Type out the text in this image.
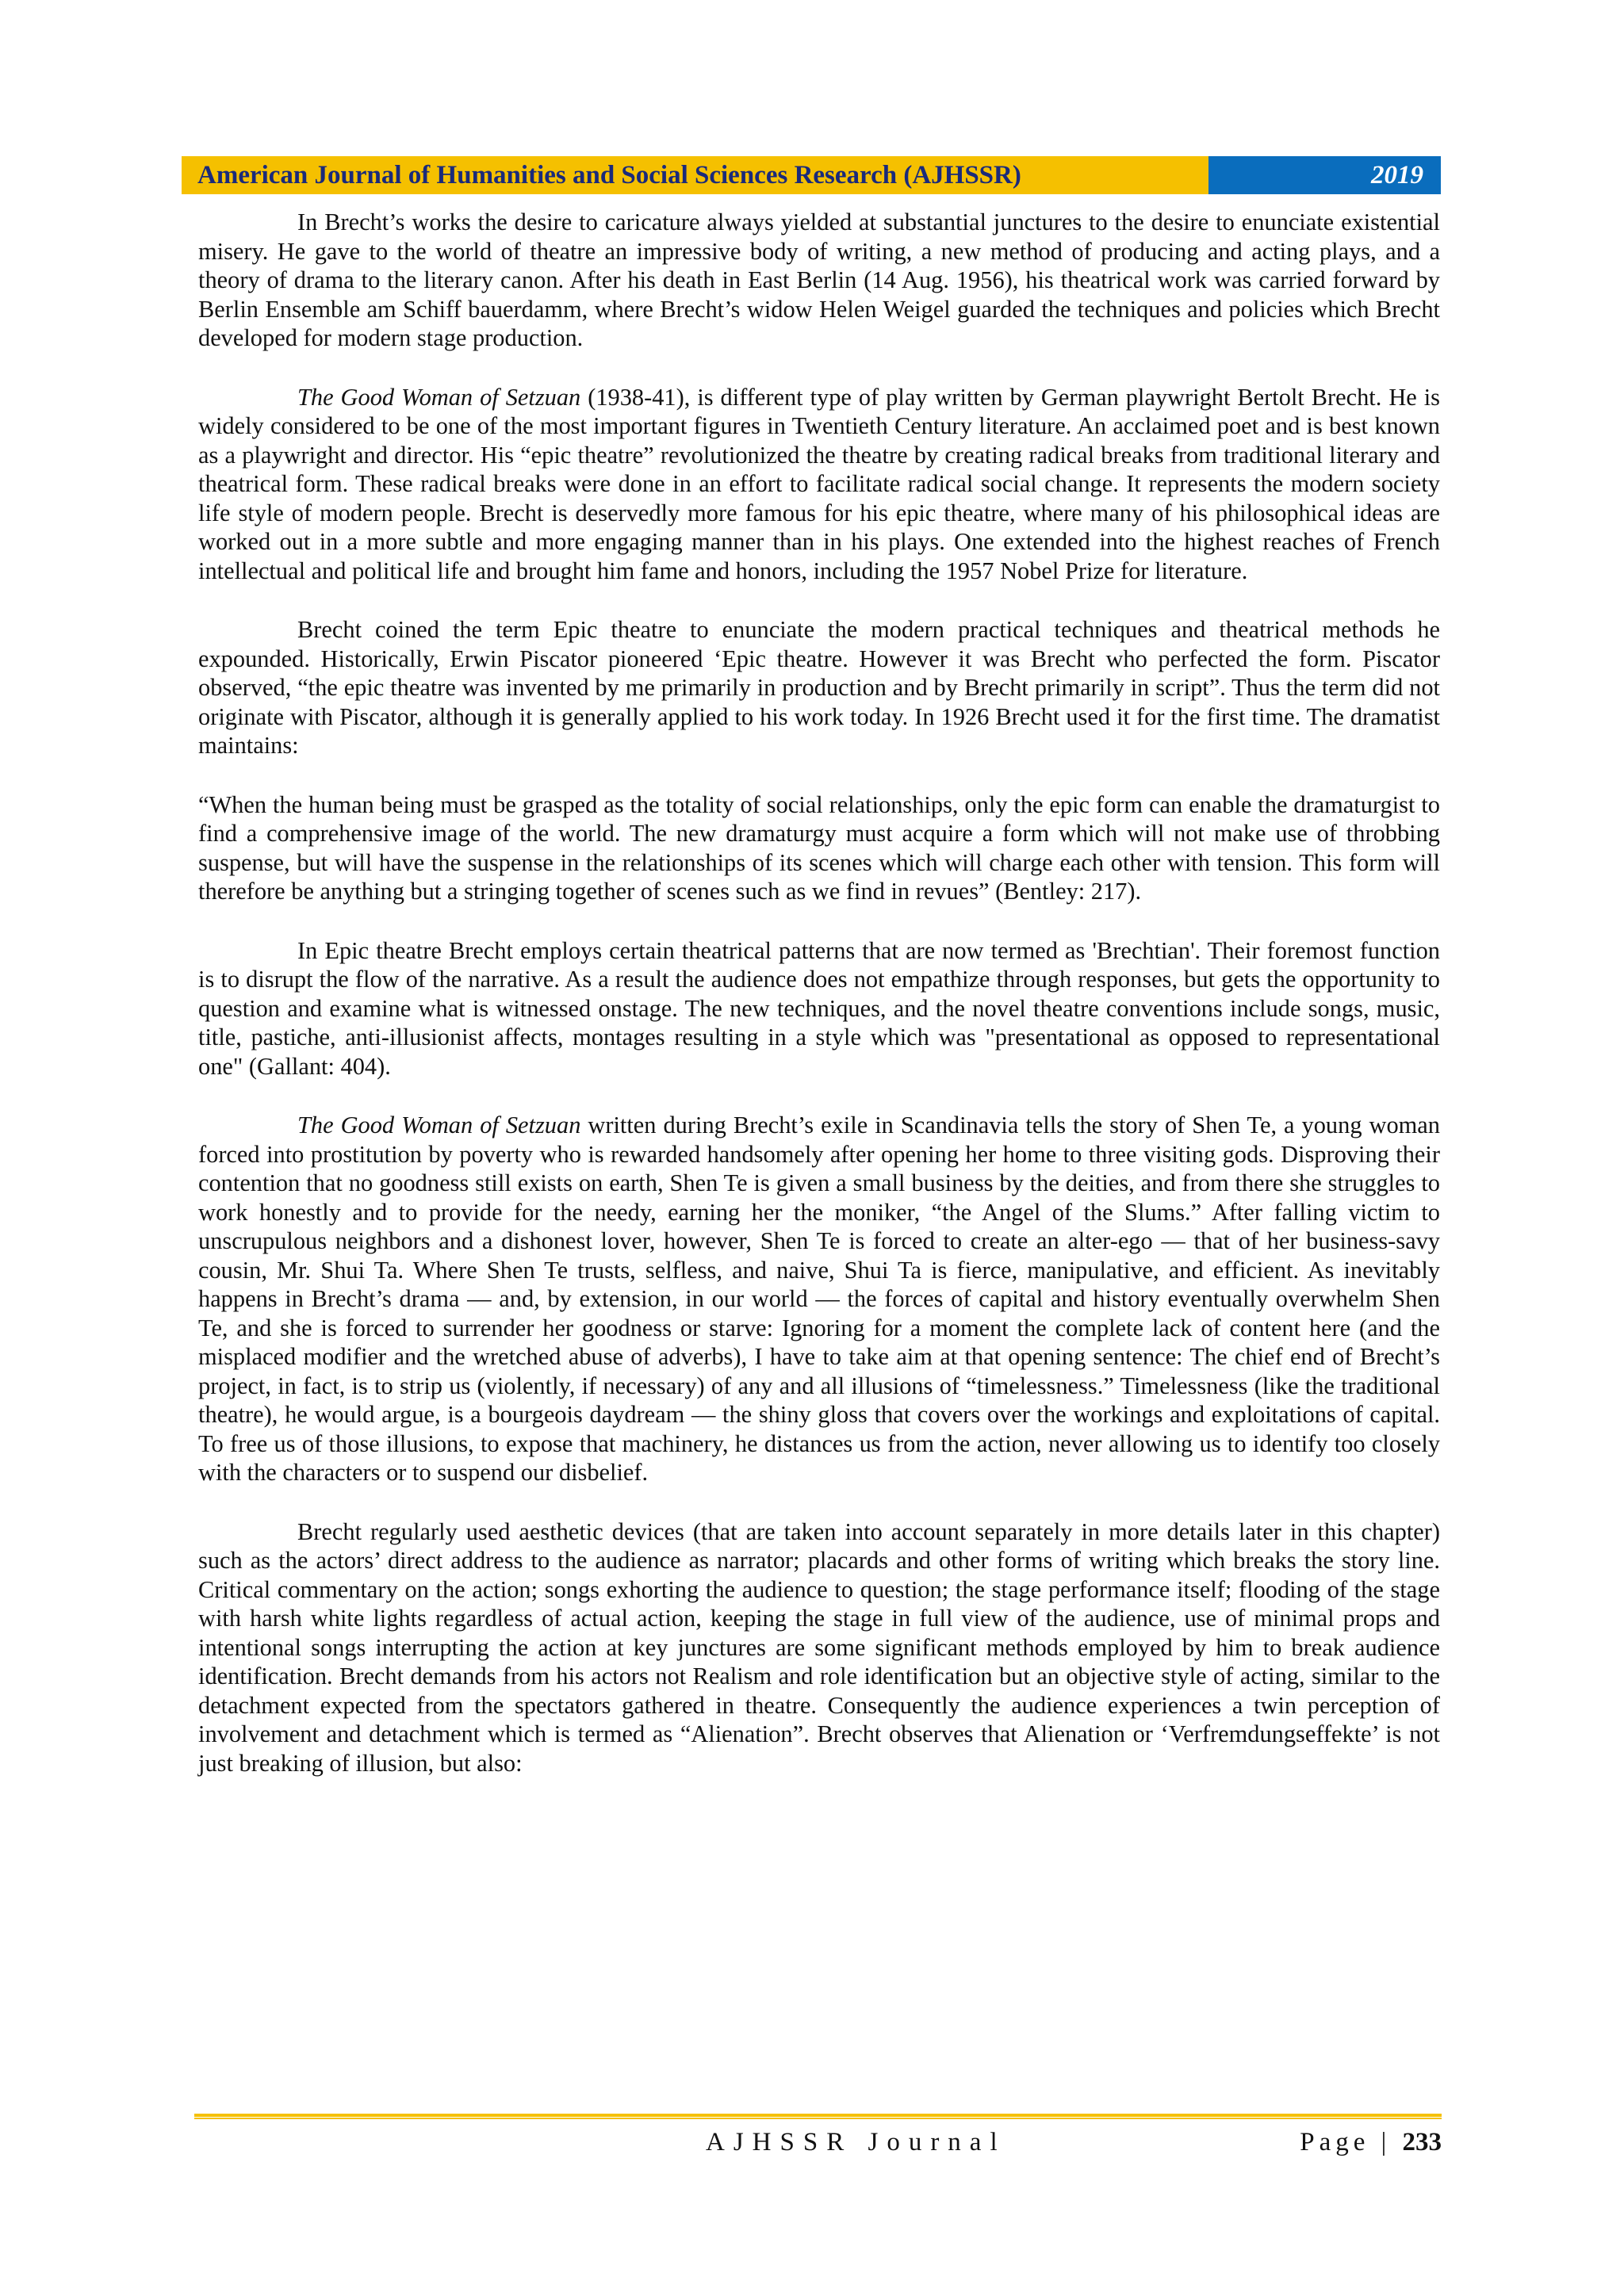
American Journal of Humanities and Social Sciences Research (AJHSSR)	2019

In Brecht’s works the desire to caricature always yielded at substantial junctures to the desire to enunciate existential misery. He gave to the world of theatre an impressive body of writing, a new method of producing and acting plays, and a theory of drama to the literary canon. After his death in East Berlin (14 Aug. 1956), his theatrical work was carried forward by Berlin Ensemble am Schiff bauerdamm, where Brecht’s widow Helen Weigel guarded the techniques and policies which Brecht developed for modern stage production.

The Good Woman of Setzuan (1938-41), is different type of play written by German playwright Bertolt Brecht. He is widely considered to be one of the most important figures in Twentieth Century literature. An acclaimed poet and is best known as a playwright and director. His “epic theatre” revolutionized the theatre by creating radical breaks from traditional literary and theatrical form. These radical breaks were done in an effort to facilitate radical social change. It represents the modern society life style of modern people. Brecht is deservedly more famous for his epic theatre, where many of his philosophical ideas are worked out in a more subtle and more engaging manner than in his plays. One extended into the highest reaches of French intellectual and political life and brought him fame and honors, including the 1957 Nobel Prize for literature.

Brecht coined the term Epic theatre to enunciate the modern practical techniques and theatrical methods he expounded. Historically, Erwin Piscator pioneered ‘Epic theatre. However it was Brecht who perfected the form. Piscator observed, “the epic theatre was invented by me primarily in production and by Brecht primarily in script”. Thus the term did not originate with Piscator, although it is generally applied to his work today. In 1926 Brecht used it for the first time. The dramatist maintains:

“When the human being must be grasped as the totality of social relationships, only the epic form can enable the dramaturgist to find a comprehensive image of the world. The new dramaturgy must acquire a form which will not make use of throbbing suspense, but will have the suspense in the relationships of its scenes which will charge each other with tension. This form will therefore be anything but a stringing together of scenes such as we find in revues” (Bentley: 217).

In Epic theatre Brecht employs certain theatrical patterns that are now termed as 'Brechtian'. Their foremost function is to disrupt the flow of the narrative. As a result the audience does not empathize through responses, but gets the opportunity to question and examine what is witnessed onstage. The new techniques, and the novel theatre conventions include songs, music, title, pastiche, anti-illusionist affects, montages resulting in a style which was "presentational as opposed to representational one" (Gallant: 404).

The Good Woman of Setzuan written during Brecht’s exile in Scandinavia tells the story of Shen Te, a young woman forced into prostitution by poverty who is rewarded handsomely after opening her home to three visiting gods. Disproving their contention that no goodness still exists on earth, Shen Te is given a small business by the deities, and from there she struggles to work honestly and to provide for the needy, earning her the moniker, “the Angel of the Slums.” After falling victim to unscrupulous neighbors and a dishonest lover, however, Shen Te is forced to create an alter-ego — that of her business-savy cousin, Mr. Shui Ta. Where Shen Te trusts, selfless, and naive, Shui Ta is fierce, manipulative, and efficient. As inevitably happens in Brecht’s drama — and, by extension, in our world — the forces of capital and history eventually overwhelm Shen Te, and she is forced to surrender her goodness or starve: Ignoring for a moment the complete lack of content here (and the misplaced modifier and the wretched abuse of adverbs), I have to take aim at that opening sentence: The chief end of Brecht’s project, in fact, is to strip us (violently, if necessary) of any and all illusions of “timelessness.” Timelessness (like the traditional theatre), he would argue, is a bourgeois daydream — the shiny gloss that covers over the workings and exploitations of capital. To free us of those illusions, to expose that machinery, he distances us from the action, never allowing us to identify too closely with the characters or to suspend our disbelief.

Brecht regularly used aesthetic devices (that are taken into account separately in more details later in this chapter) such as the actors’ direct address to the audience as narrator; placards and other forms of writing which breaks the story line. Critical commentary on the action; songs exhorting the audience to question; the stage performance itself; flooding of the stage with harsh white lights regardless of actual action, keeping the stage in full view of the audience, use of minimal props and intentional songs interrupting the action at key junctures are some significant methods employed by him to break audience identification. Brecht demands from his actors not Realism and role identification but an objective style of acting, similar to the detachment expected from the spectators gathered in theatre. Consequently the audience experiences a twin perception of involvement and detachment which is termed as “Alienation”. Brecht observes that Alienation or ‘Verfremdungseffekte’ is not just breaking of illusion, but also:

AJHSSR Journal	Page | 233
